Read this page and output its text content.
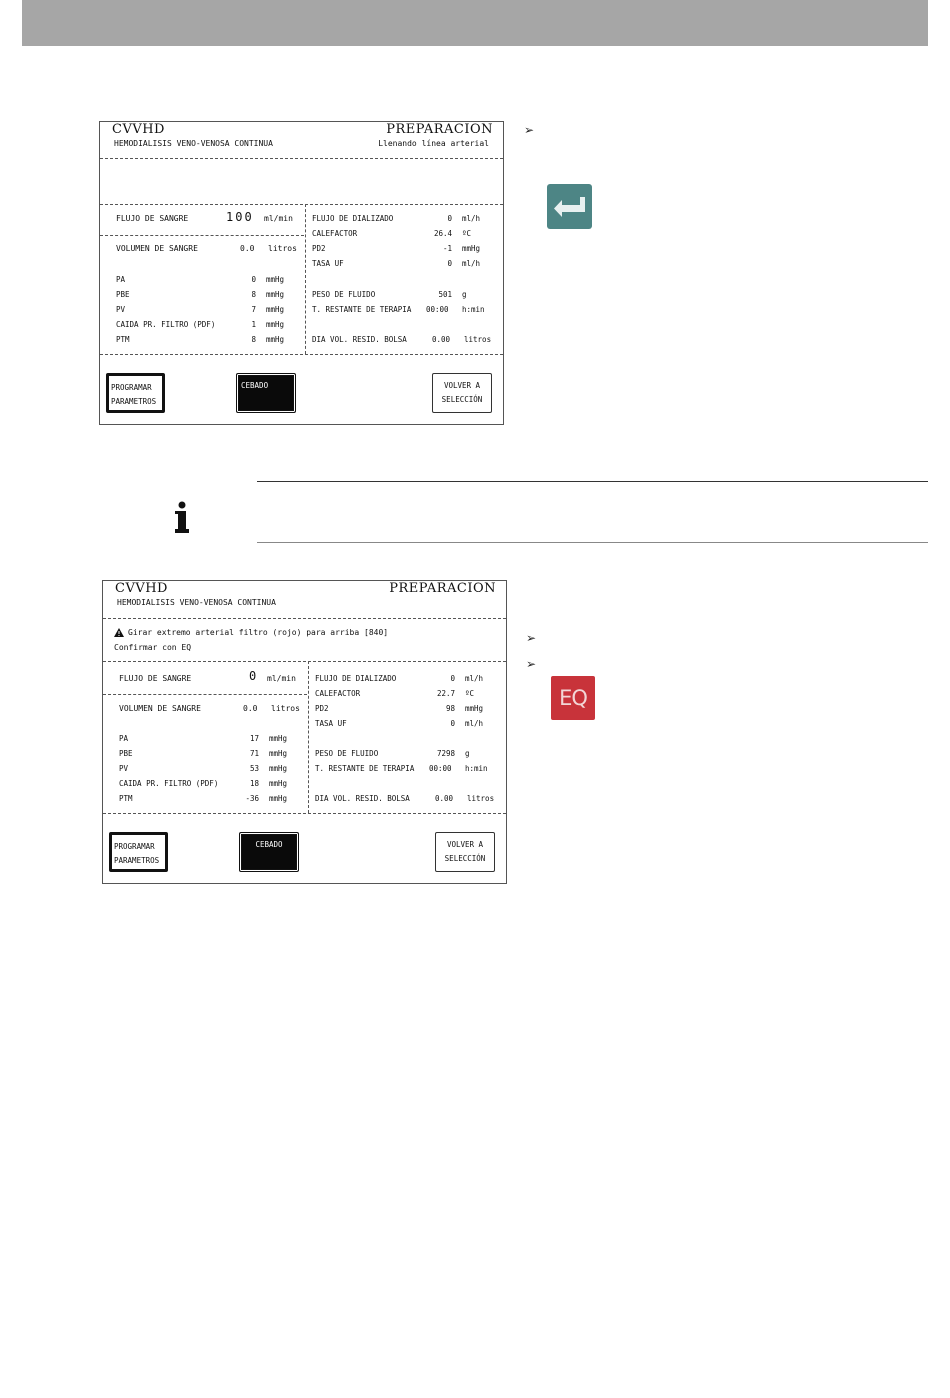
CVVHD
HEMODIALISIS VENO-VENOSA CONTINUA
PREPARACION
Llenando línea arterial
FLUJO DE SANGRE	100 ml/min
VOLUMEN DE SANGRE	0.0 litros
PA	0 mmHg
PBE	8 mmHg
PV	7 mmHg
CAIDA PR. FILTRO (PDF)	1 mmHg
PTM	8 mmHg
FLUJO DE DIALIZADO	0 ml/h
CALEFACTOR	26.4 ºC
PD2	-1 mmHg
TASA UF	0 ml/h
PESO DE FLUIDO	501 g
T. RESTANTE DE TERAPIA 00:00 h:min
DIA VOL. RESID. BOLSA	0.00 litros
PROGRAMAR
PARAMETROS
CEBADO	VOLVER A
SELECCIÓN
➢
CVVHD
HEMODIALISIS VENO-VENOSA CONTINUA
PREPARACION
Girar extremo arterial filtro (rojo) para arriba [840]
Confirmar con EQ
FLUJO DE SANGRE	0 ml/min
VOLUMEN DE SANGRE	0.0 litros
PA	17 mmHg
PBE	71 mmHg
PV	53 mmHg
CAIDA PR. FILTRO (PDF)	18 mmHg
PTM	-36 mmHg
FLUJO DE DIALIZADO	0 ml/h
CALEFACTOR	22.7 ºC
PD2	98 mmHg
TASA UF	0 ml/h
PESO DE FLUIDO	7298 g
T. RESTANTE DE TERAPIA 00:00 h:min
DIA VOL. RESID. BOLSA	0.00 litros
PROGRAMAR
PARAMETROS
CEBADO	VOLVER A
SELECCIÓN
➢
➢
EQ
